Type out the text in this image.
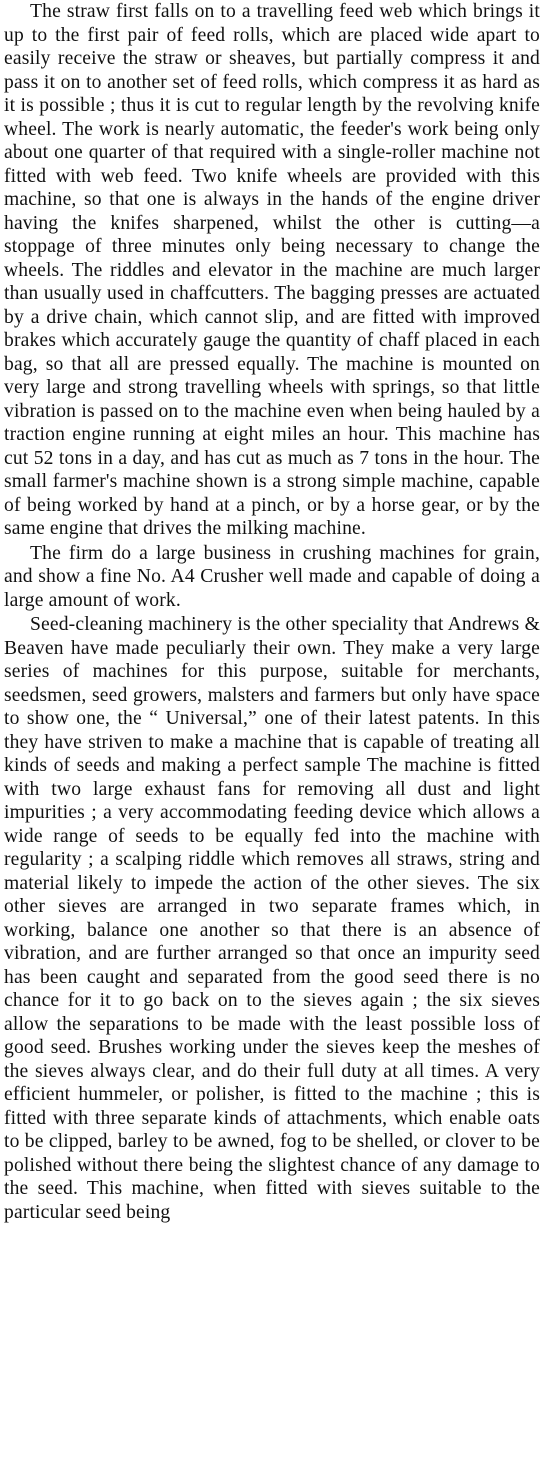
The straw first falls on to a travelling feed web which brings it up to the first pair of feed rolls, which are placed wide apart to easily receive the straw or sheaves, but partially compress it and pass it on to another set of feed rolls, which compress it as hard as it is possible ; thus it is cut to regular length by the revolving knife wheel. The work is nearly automatic, the feeder's work being only about one quarter of that required with a single-roller machine not fitted with web feed. Two knife wheels are provided with this machine, so that one is always in the hands of the engine driver having the knifes sharpened, whilst the other is cutting—a stoppage of three minutes only being necessary to change the wheels. The riddles and elevator in the machine are much larger than usually used in chaffcutters. The bagging presses are actuated by a drive chain, which cannot slip, and are fitted with improved brakes which accurately gauge the quantity of chaff placed in each bag, so that all are pressed equally. The machine is mounted on very large and strong travelling wheels with springs, so that little vibration is passed on to the machine even when being hauled by a traction engine running at eight miles an hour. This machine has cut 52 tons in a day, and has cut as much as 7 tons in the hour. The small farmer's machine shown is a strong simple machine, capable of being worked by hand at a pinch, or by a horse gear, or by the same engine that drives the milking machine.

The firm do a large business in crushing machines for grain, and show a fine No. A4 Crusher well made and capable of doing a large amount of work.

Seed-cleaning machinery is the other speciality that Andrews & Beaven have made peculiarly their own. They make a very large series of machines for this purpose, suitable for merchants, seedsmen, seed growers, malsters and farmers but only have space to show one, the “ Universal,” one of their latest patents. In this they have striven to make a machine that is capable of treating all kinds of seeds and making a perfect sample The machine is fitted with two large exhaust fans for removing all dust and light impurities ; a very accommodating feeding device which allows a wide range of seeds to be equally fed into the machine with regularity ; a scalping riddle which removes all straws, string and material likely to impede the action of the other sieves. The six other sieves are arranged in two separate frames which, in working, balance one another so that there is an absence of vibration, and are further arranged so that once an impurity seed has been caught and separated from the good seed there is no chance for it to go back on to the sieves again ; the six sieves allow the separations to be made with the least possible loss of good seed. Brushes working under the sieves keep the meshes of the sieves always clear, and do their full duty at all times. A very efficient hummeler, or polisher, is fitted to the machine ; this is fitted with three separate kinds of attachments, which enable oats to be clipped, barley to be awned, fog to be shelled, or clover to be polished without there being the slightest chance of any damage to the seed. This machine, when fitted with sieves suitable to the particular seed being
